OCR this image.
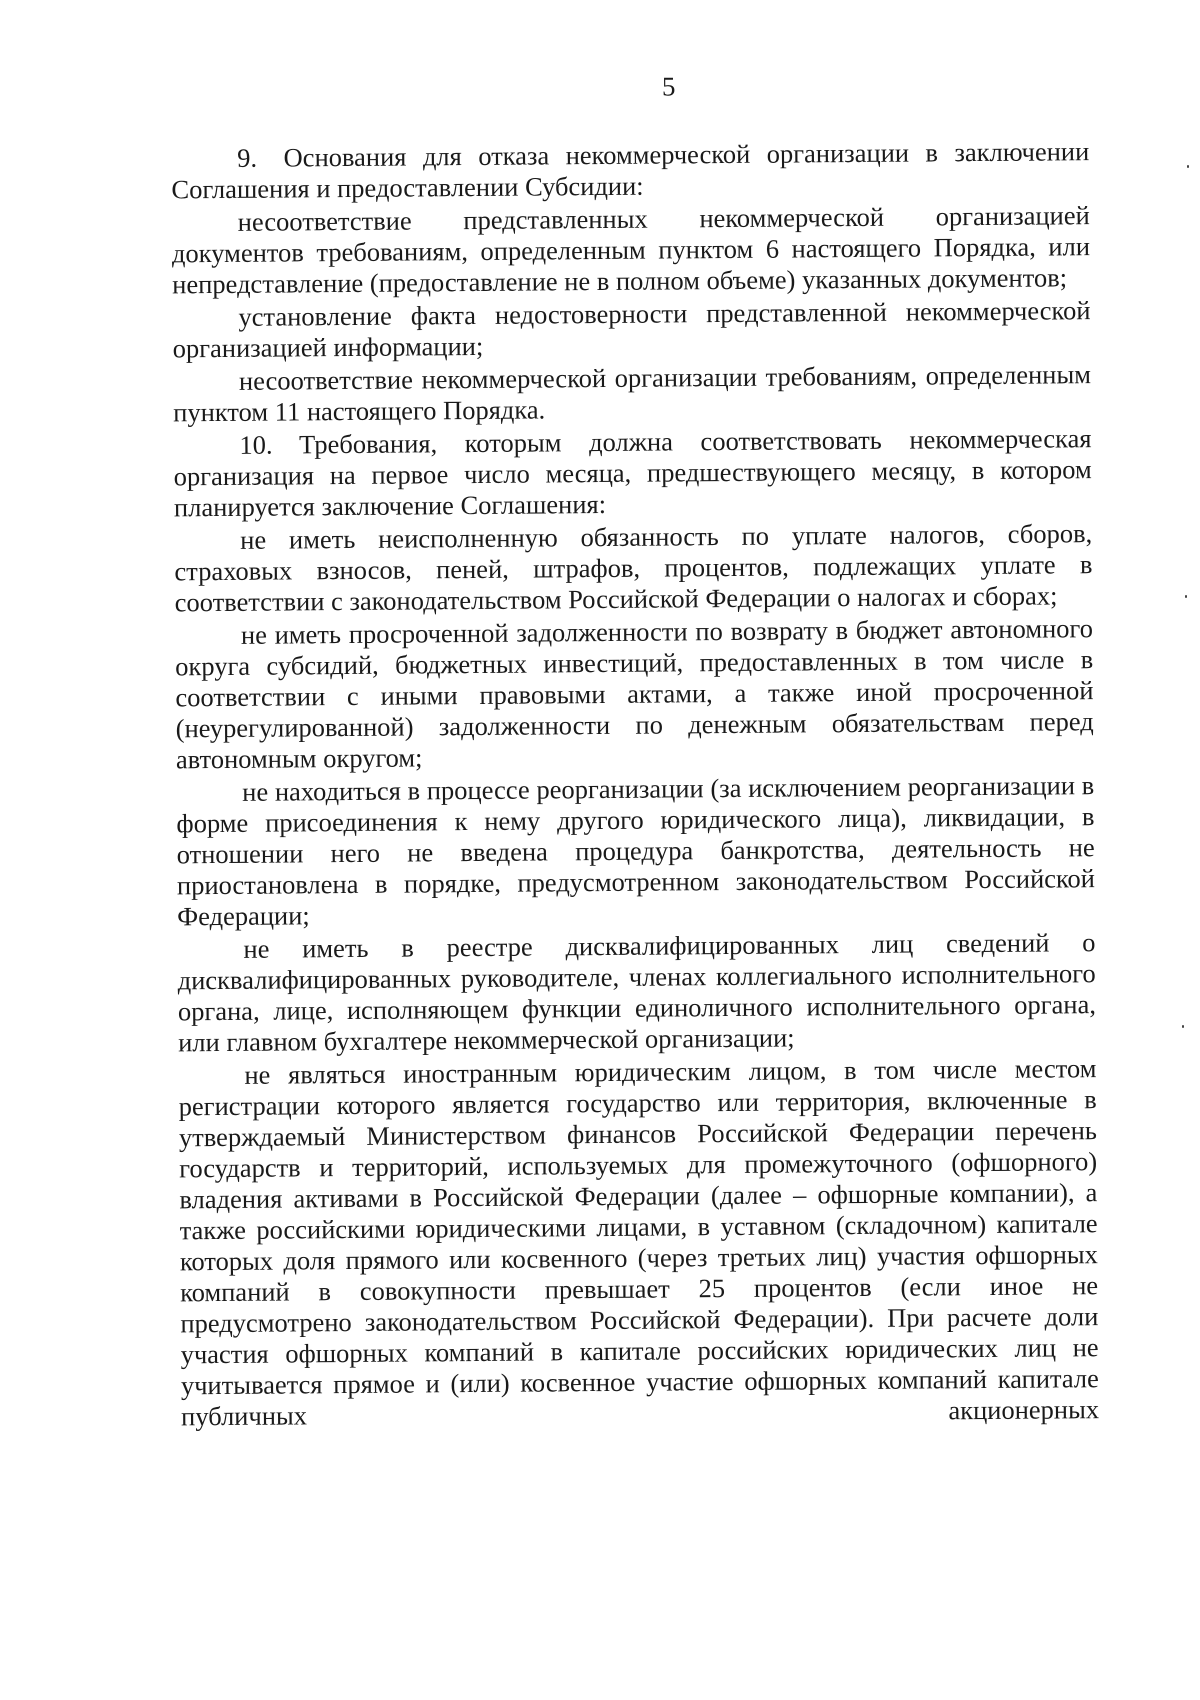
5

9. Основания для отказа некоммерческой организации в заключении Соглашения и предоставлении Субсидии:

несоответствие представленных некоммерческой организацией документов требованиям, определенным пунктом 6 настоящего Порядка, или непредставление (предоставление не в полном объеме) указанных документов;

установление факта недостоверности представленной некоммерческой организацией информации;

несоответствие некоммерческой организации требованиям, определенным пунктом 11 настоящего Порядка.

10. Требования, которым должна соответствовать некоммерческая организация на первое число месяца, предшествующего месяцу, в котором планируется заключение Соглашения:

не иметь неисполненную обязанность по уплате налогов, сборов, страховых взносов, пеней, штрафов, процентов, подлежащих уплате в соответствии с законодательством Российской Федерации о налогах и сборах;

не иметь просроченной задолженности по возврату в бюджет автономного округа субсидий, бюджетных инвестиций, предоставленных в том числе в соответствии с иными правовыми актами, а также иной просроченной (неурегулированной) задолженности по денежным обязательствам перед автономным округом;

не находиться в процессе реорганизации (за исключением реорганизации в форме присоединения к нему другого юридического лица), ликвидации, в отношении него не введена процедура банкротства, деятельность не приостановлена в порядке, предусмотренном законодательством Российской Федерации;

не иметь в реестре дисквалифицированных лиц сведений о дисквалифицированных руководителе, членах коллегиального исполнительного органа, лице, исполняющем функции единоличного исполнительного органа, или главном бухгалтере некоммерческой организации;

не являться иностранным юридическим лицом, в том числе местом регистрации которого является государство или территория, включенные в утверждаемый Министерством финансов Российской Федерации перечень государств и территорий, используемых для промежуточного (офшорного) владения активами в Российской Федерации (далее – офшорные компании), а также российскими юридическими лицами, в уставном (складочном) капитале которых доля прямого или косвенного (через третьих лиц) участия офшорных компаний в совокупности превышает 25 процентов (если иное не предусмотрено законодательством Российской Федерации). При расчете доли участия офшорных компаний в капитале российских юридических лиц не учитывается прямое и (или) косвенное участие офшорных компаний капитале публичных акционерных
